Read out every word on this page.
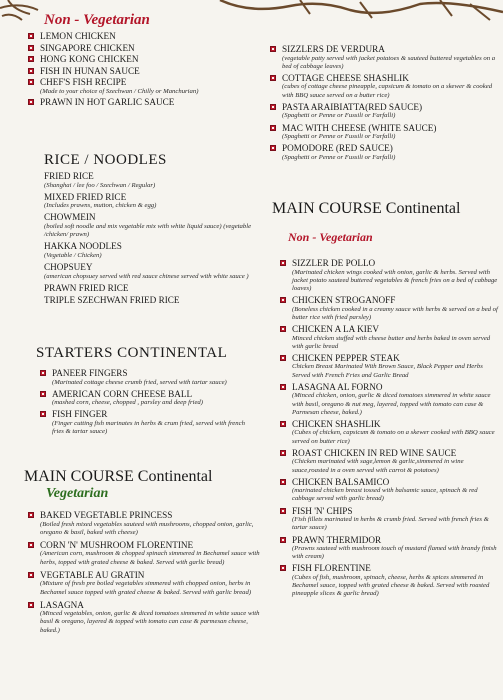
Non - Vegetarian
LEMON CHICKEN
SINGAPORE CHICKEN
HONG KONG CHICKEN
FISH IN HUNAN SAUCE
CHEF'S FISH RECIPE
(Made to your choice of Szechwan / Chilly or Manchurian)
PRAWN IN HOT GARLIC SAUCE
RICE / NOODLES
FRIED RICE
(Shanghai / lee foo / Szechwan / Regular)
MIXED FRIED RICE
(Includes prawns, mutton, chicken & egg)
CHOWMEIN
(boiled soft noodle and mix vegetable mix with white liquid sauce) (vegetable /chicken/ prawn)
HAKKA NOODLES
(Vegetable / Chicken)
CHOPSUEY
(american chopsuey served with red sauce chinese served with white sauce )
PRAWN FRIED RICE
TRIPLE SZECHWAN FRIED RICE
STARTERS CONTINENTAL
PANEER FINGERS
(Marinated cottage cheese crumb fried, served with tartar sauce)
AMERICAN CORN CHEESE BALL
(mashed corn, cheese, chopped , parsley and deep fried)
FISH FINGER
(Finger cutting fish marinates in herbs & crum fried, served with french fries & tartar sauce)
MAIN COURSE Continental
Vegetarian
BAKED VEGETABLE PRINCESS
(Boiled fresh mixed vegetables sauteed with mushrooms, chopped onion, garlic, oregano & basil, baked with cheese)
CORN 'N' MUSHROOM FLORENTINE
(American corn, mushroom & chopped spinach simmered in Bechamel sauce with herbs, topped with grated cheese & baked. Served with garlic bread)
VEGETABLE AU GRATIN
(Mixture of fresh pre boiled vegetables simmered with chopped onion, herbs in Bechamel sauce topped with grated cheese & baked. Served with garlic bread)
LASAGNA
(Minced vegetables, onion, garlic & diced tomatoes simmered in white sauce with basil & oregano, layered & topped with tomato can case & parmesan cheese, baked.)
SIZZLERS DE VERDURA
(vegetable patty served with jacket potatoes & sauteed buttered vegetables on a bed of cabbage leaves)
COTTAGE CHEESE SHASHLIK
(cubes of cottage cheese pineapple, capsicum & tomato on a skewer & cooked with BBQ sauce served on a butter rice)
PASTA ARAIBIATTA(RED SAUCE)
(Spaghetti or Penne or Fussili or Farfalli)
MAC WITH CHEESE (WHITE SAUCE)
(Spaghetti or Penne or Fussili or Farfalli)
POMODORE (RED SAUCE)
(Spaghetti or Penne or Fussili or Farfalli)
MAIN COURSE Continental
Non - Vegetarian
SIZZLER DE POLLO
(Marinated chicken wings cooked with onion, garlic & herbs. Served with jacket potato sauteed buttered vegetables & french fries on a bed of cabbage loaves)
CHICKEN STROGANOFF
(Boneless chicken cooked in a creamy sauce with herbs & served on a bed of butter rice with fried parsley)
CHICKEN A LA KIEV
Minced chicken stuffed with cheese butter and herbs baked in oven served with garlic bread
CHICKEN PEPPER STEAK
Chicken Breast Marinated With Brown Sauce, Black Pepper and Herbs Served with French Fries and Garlic Bread
LASAGNA AL FORNO
(Minced chicken, onion, garlic & diced tomatoes simmered in white sauce with basil, oregano & nut meg, layered, topped with tomato can case & Parmesan cheese, baked.)
CHICKEN SHASHLIK
(Cubes of chicken, capsicum & tomato on a skewer cooked with BBQ sauce served on butter rice)
ROAST CHICKEN IN RED WINE SAUCE
(Chicken marinated with sage,lemon & garlic,simmered in wine sauce,roasted in a oven served with carrot & potatoes)
CHICKEN BALSAMICO
(marinated chicken breast tossed with balsamic sauce, spinach & red cabbage served with garlic bread)
FISH 'N' CHIPS
(Fish fillets marinated in herbs & crumb fried. Served with french fries & tartar sauce)
PRAWN THERMIDOR
(Prawns sauteed with mushroom touch of mustard flamed with brandy finish with cream)
FISH FLORENTINE
(Cubes of fish, mushroom, spinach, cheese, herbs & spices simmered in Bechamel sauce, topped with grated cheese & baked. Served with roasted pineapple slices & garlic bread)
